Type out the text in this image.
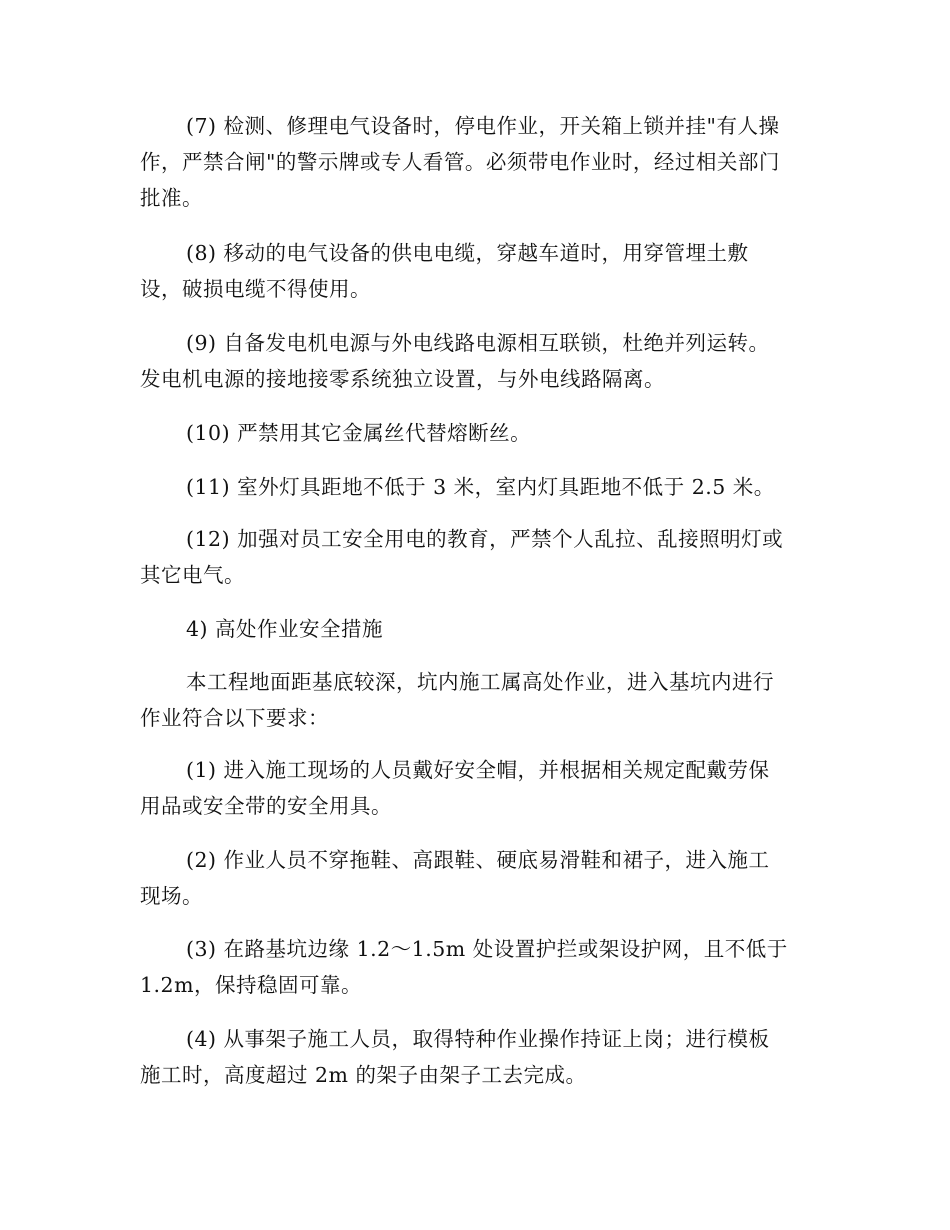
(7) 检测、修理电气设备时，停电作业，开关箱上锁并挂"有人操
作，严禁合闸"的警示牌或专人看管。必须带电作业时，经过相关部门
批准。

(8) 移动的电气设备的供电电缆，穿越车道时，用穿管埋土敷
设，破损电缆不得使用。

(9) 自备发电机电源与外电线路电源相互联锁，杜绝并列运转。
发电机电源的接地接零系统独立设置，与外电线路隔离。

(10) 严禁用其它金属丝代替熔断丝。

(11) 室外灯具距地不低于 3 米，室内灯具距地不低于 2.5 米。

(12) 加强对员工安全用电的教育，严禁个人乱拉、乱接照明灯或
其它电气。

4) 高处作业安全措施

本工程地面距基底较深，坑内施工属高处作业，进入基坑内进行
作业符合以下要求：

(1) 进入施工现场的人员戴好安全帽，并根据相关规定配戴劳保
用品或安全带的安全用具。

(2) 作业人员不穿拖鞋、高跟鞋、硬底易滑鞋和裙子，进入施工
现场。

(3) 在路基坑边缘 1.2～1.5m 处设置护拦或架设护网，且不低于
1.2m，保持稳固可靠。

(4) 从事架子施工人员，取得特种作业操作持证上岗；进行模板
施工时，高度超过 2m 的架子由架子工去完成。
